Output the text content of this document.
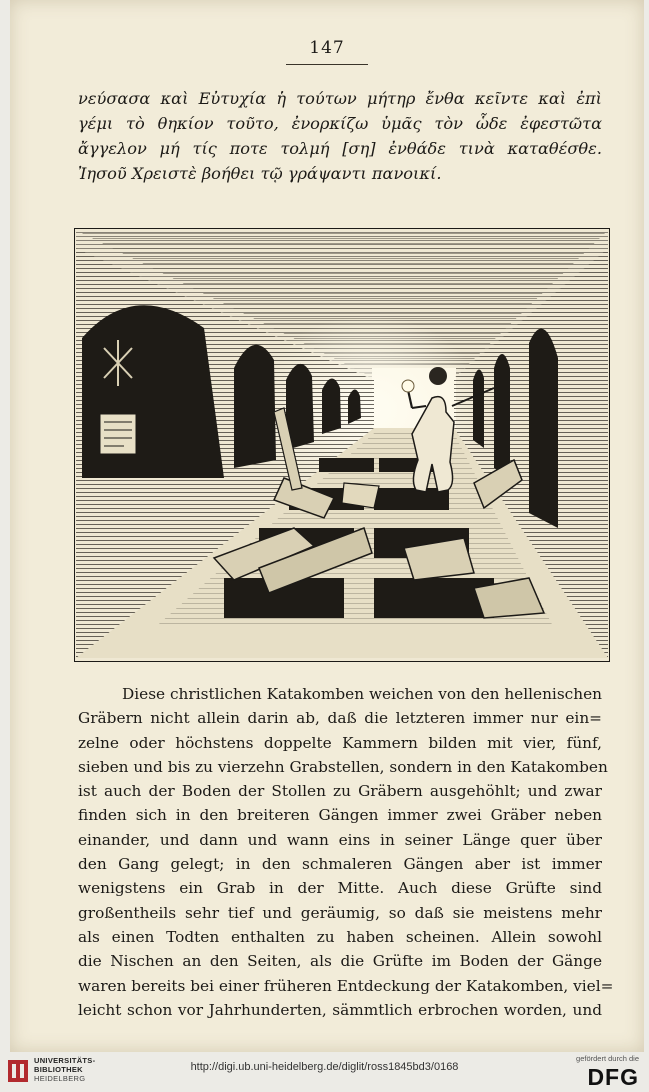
147
νεύσασα καὶ Εὐτυχία ἡ τούτων μήτηρ ἔνθα κεῖντε καὶ ἐπὶ
γέμι τὸ θηκίον τοῦτο, ἐνορκίζω ὑμᾶς τὸν ὧδε ἐφεστῶτα
ἄγγελον μή τίς ποτε τολμή [ση] ἐνθάδε τινὰ καταθέσθε.
Ἰησοῦ Χρειστὲ βοήθει τῷ γράψαντι πανοικί.
Diese christlichen Katakomben weichen von den hellenischen
Gräbern nicht allein darin ab, daß die letzteren immer nur ein=
zelne oder höchstens doppelte Kammern bilden mit vier, fünf,
sieben und bis zu vierzehn Grabstellen, sondern in den Katakomben
ist auch der Boden der Stollen zu Gräbern ausgehöhlt; und zwar
finden sich in den breiteren Gängen immer zwei Gräber neben
einander, und dann und wann eins in seiner Länge quer über
den Gang gelegt; in den schmaleren Gängen aber ist immer
wenigstens ein Grab in der Mitte. Auch diese Grüfte sind
großentheils sehr tief und geräumig, so daß sie meistens mehr
als einen Todten enthalten zu haben scheinen. Allein sowohl
die Nischen an den Seiten, als die Grüfte im Boden der Gänge
waren bereits bei einer früheren Entdeckung der Katakomben, viel=
leicht schon vor Jahrhunderten, sämmtlich erbrochen worden, und
UNIVERSITÄTS-
BIBLIOTHEK
HEIDELBERG
http://digi.ub.uni-heidelberg.de/diglit/ross1845bd3/0168
gefördert durch die
DFG
